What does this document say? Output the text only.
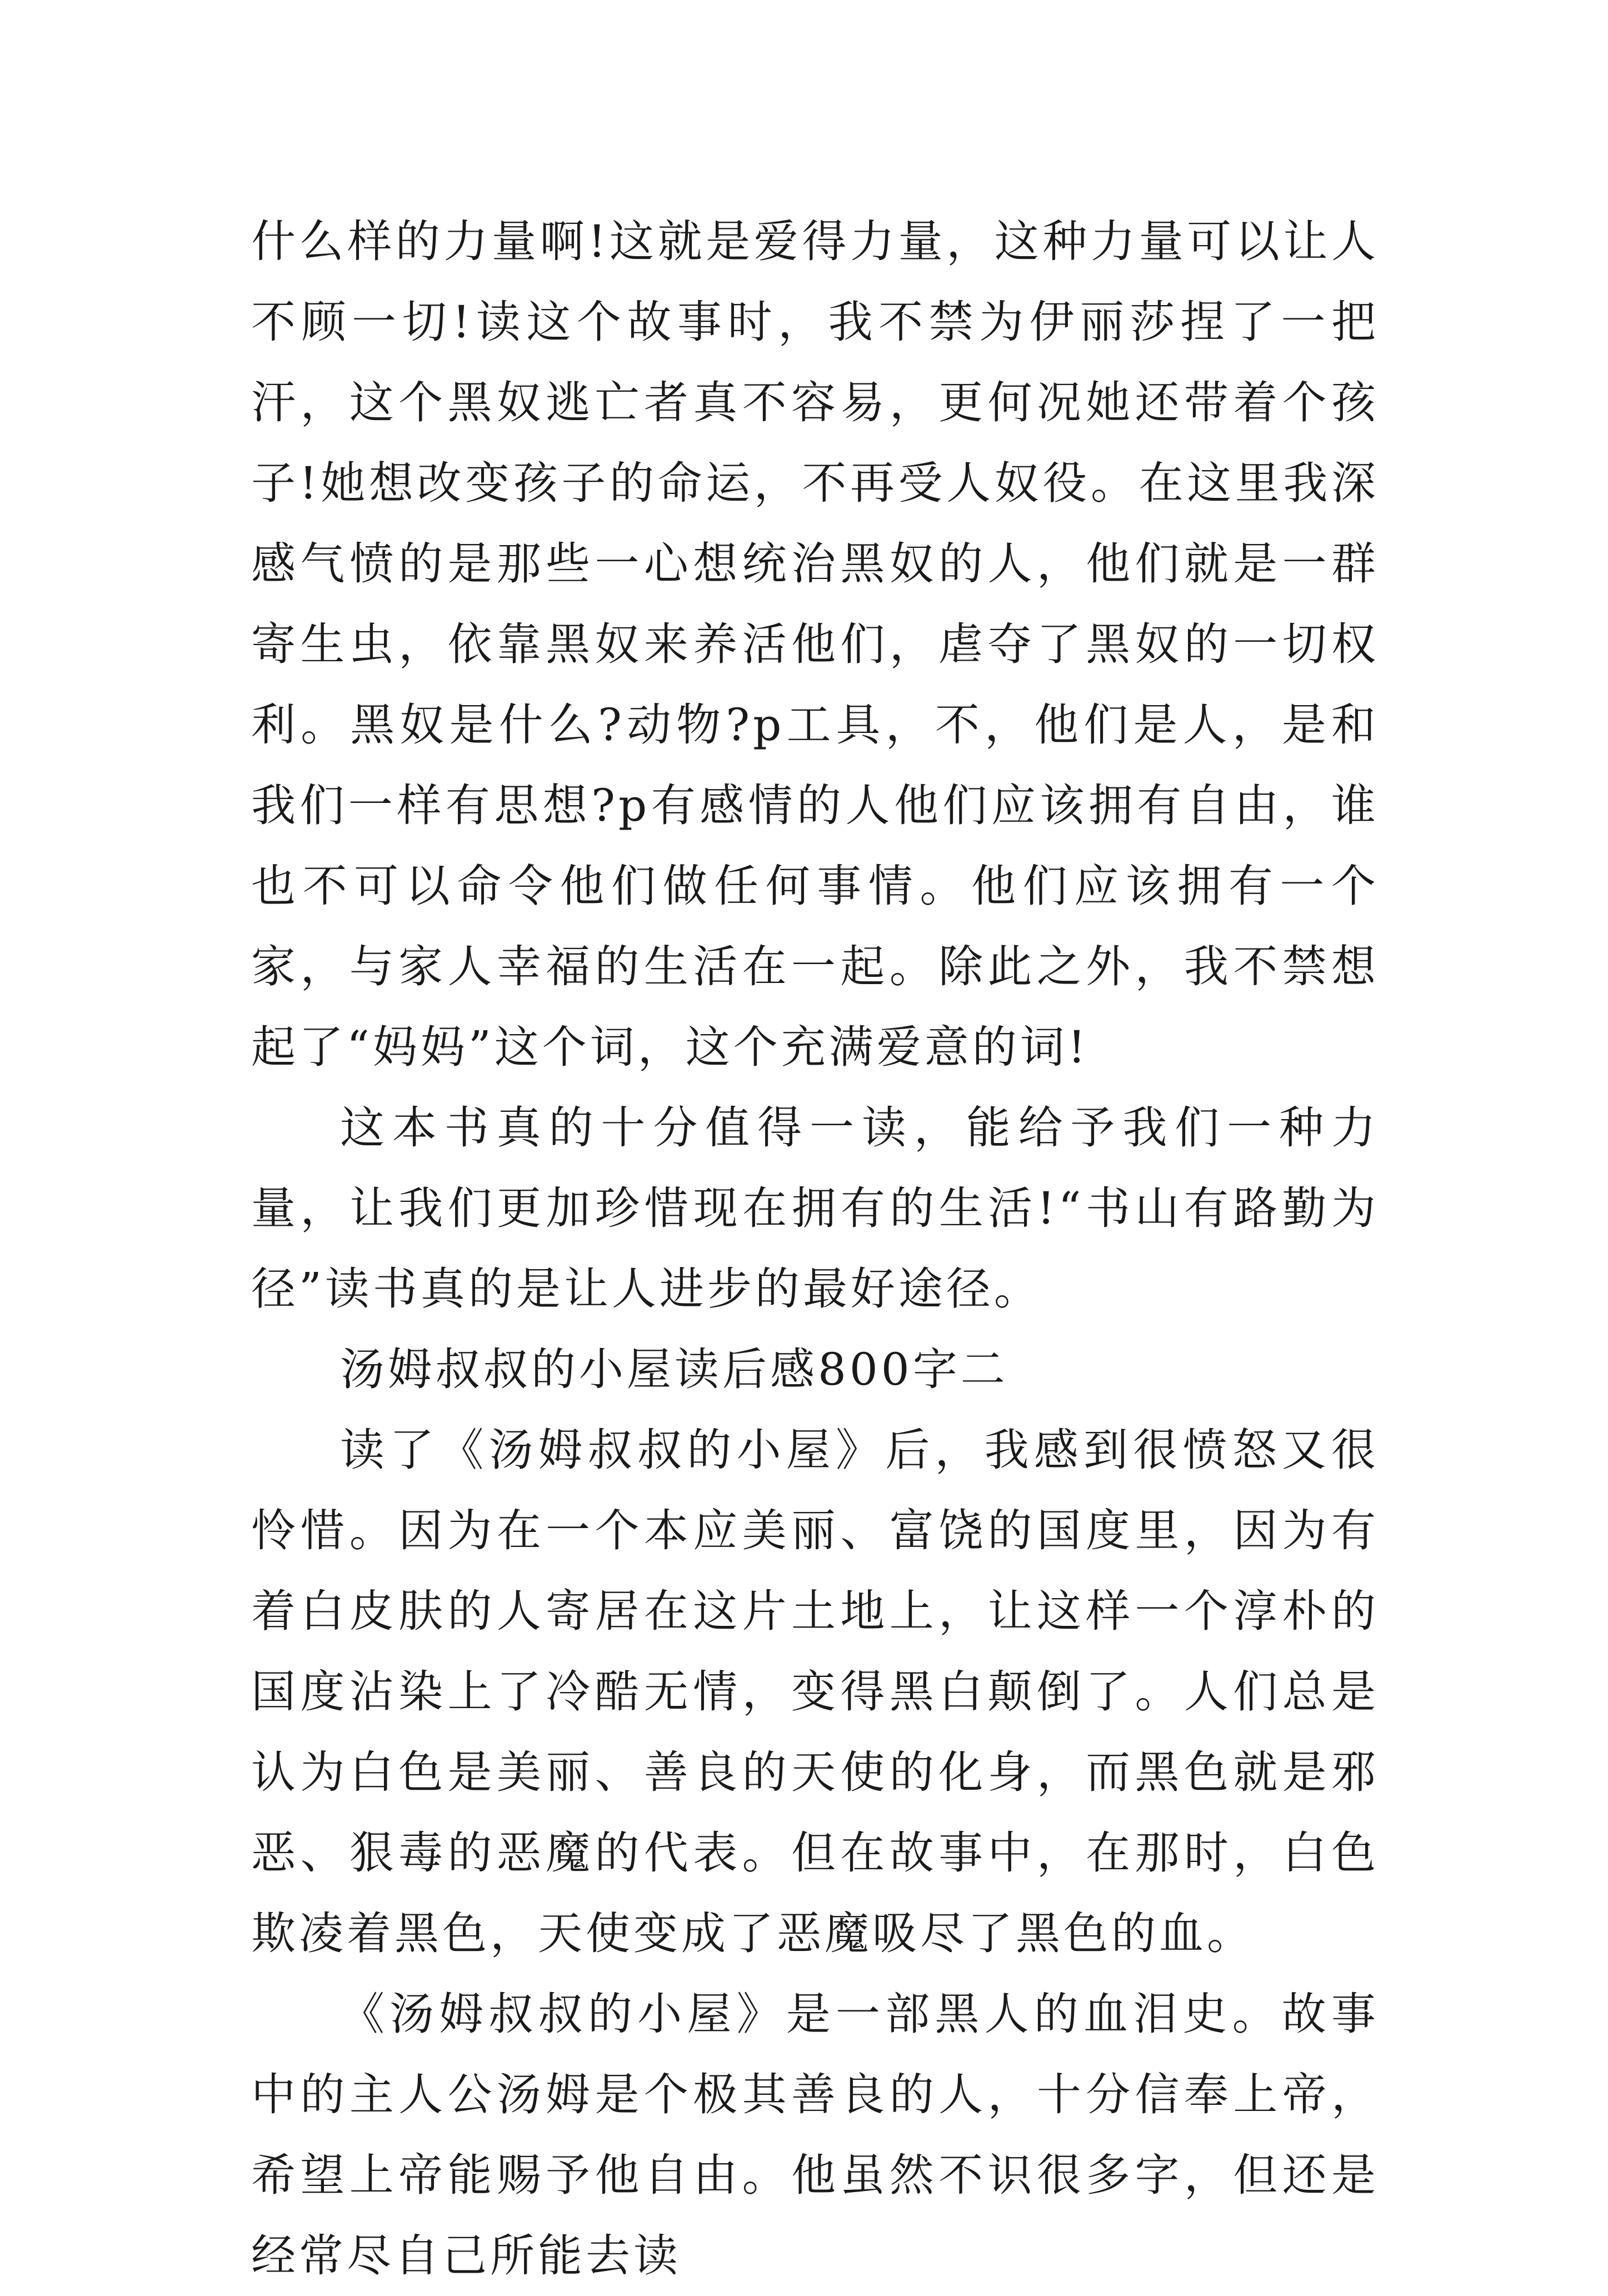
什么样的力量啊!这就是爱得力量，这种力量可以让人不顾一切!读这个故事时，我不禁为伊丽莎捏了一把汗，这个黑奴逃亡者真不容易，更何况她还带着个孩子!她想改变孩子的命运，不再受人奴役。在这里我深感气愤的是那些一心想统治黑奴的人，他们就是一群寄生虫，依靠黑奴来养活他们，虐夺了黑奴的一切权利。黑奴是什么?动物?p工具，不，他们是人，是和我们一样有思想?p有感情的人他们应该拥有自由，谁也不可以命令他们做任何事情。他们应该拥有一个家，与家人幸福的生活在一起。除此之外，我不禁想起了“妈妈”这个词，这个充满爱意的词!

这本书真的十分值得一读，能给予我们一种力量，让我们更加珍惜现在拥有的生活!“书山有路勤为径”读书真的是让人进步的最好途径。

汤姆叔叔的小屋读后感800字二

读了《汤姆叔叔的小屋》后，我感到很愤怒又很怜惜。因为在一个本应美丽、富饶的国度里，因为有着白皮肤的人寄居在这片土地上，让这样一个淳朴的国度沾染上了冷酷无情，变得黑白颠倒了。人们总是认为白色是美丽、善良的天使的化身，而黑色就是邪恶、狠毒的恶魔的代表。但在故事中，在那时，白色欺凌着黑色，天使变成了恶魔吸尽了黑色的血。

《汤姆叔叔的小屋》是一部黑人的血泪史。故事中的主人公汤姆是个极其善良的人，十分信奉上帝，希望上帝能赐予他自由。他虽然不识很多字，但还是经常尽自己所能去读
